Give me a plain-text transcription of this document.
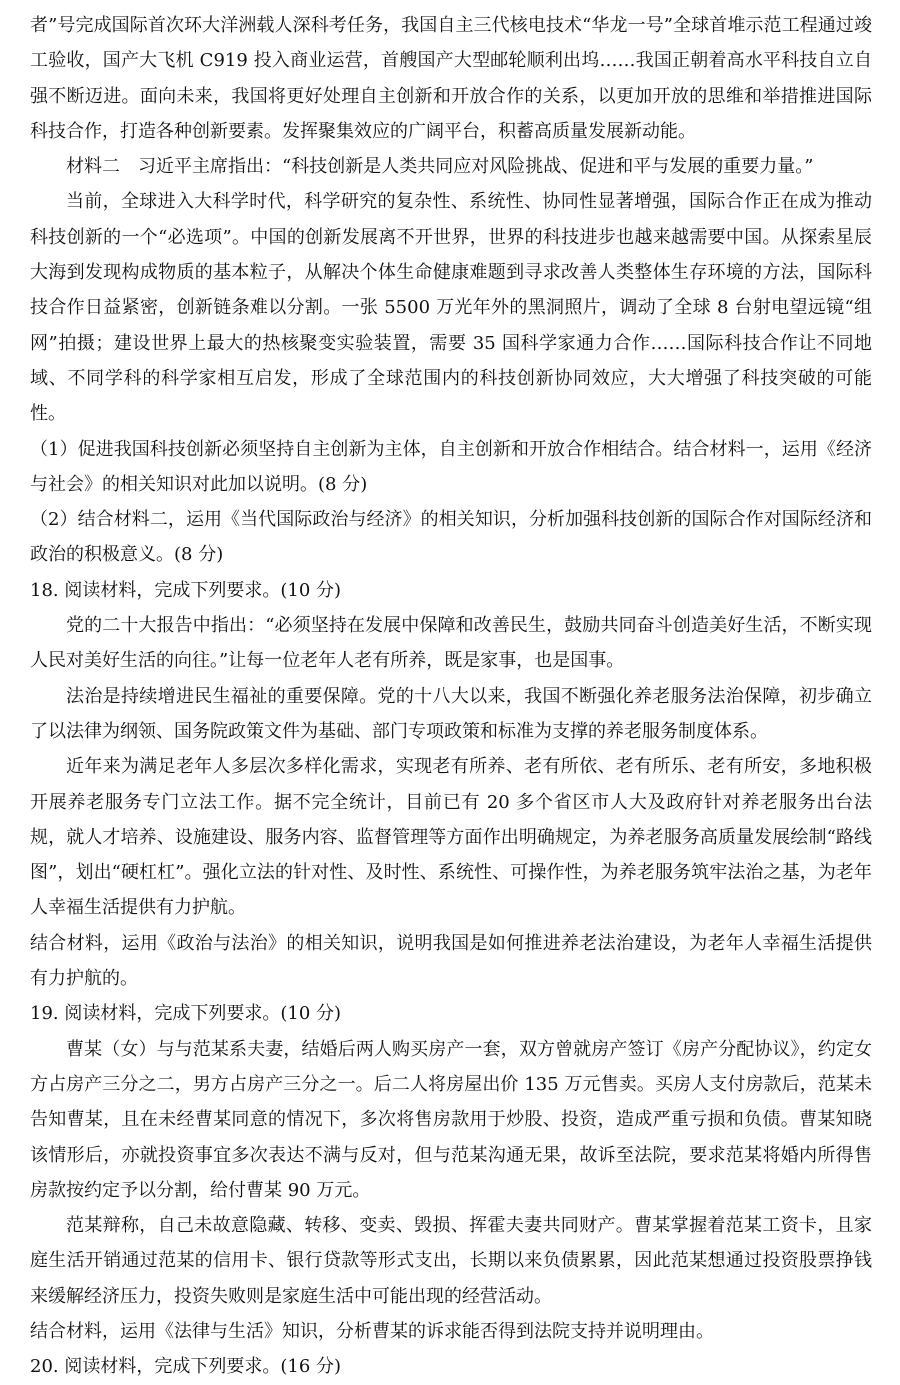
者”号完成国际首次环大洋洲载人深科考任务，我国自主三代核电技术“华龙一号”全球首堆示范工程通过竣工验收，国产大飞机 C919 投入商业运营，首艘国产大型邮轮顺利出坞……我国正朝着高水平科技自立自强不断迈进。面向未来，我国将更好处理自主创新和开放合作的关系，以更加开放的思维和举措推进国际科技合作，打造各种创新要素。发挥聚集效应的广阔平台，积蓄高质量发展新动能。

材料二　习近平主席指出：“科技创新是人类共同应对风险挑战、促进和平与发展的重要力量。”

当前，全球进入大科学时代，科学研究的复杂性、系统性、协同性显著增强，国际合作正在成为推动科技创新的一个“必选项”。中国的创新发展离不开世界，世界的科技进步也越来越需要中国。从探索星辰大海到发现构成物质的基本粒子，从解决个体生命健康难题到寻求改善人类整体生存环境的方法，国际科技合作日益紧密，创新链条难以分割。一张 5500 万光年外的黑洞照片，调动了全球 8 台射电望远镜“组网”拍摄；建设世界上最大的热核聚变实验装置，需要 35 国科学家通力合作……国际科技合作让不同地域、不同学科的科学家相互启发，形成了全球范围内的科技创新协同效应，大大增强了科技突破的可能性。

（1）促进我国科技创新必须坚持自主创新为主体，自主创新和开放合作相结合。结合材料一，运用《经济与社会》的相关知识对此加以说明。(8 分)

（2）结合材料二，运用《当代国际政治与经济》的相关知识，分析加强科技创新的国际合作对国际经济和政治的积极意义。(8 分)

18. 阅读材料，完成下列要求。(10 分)

党的二十大报告中指出：“必须坚持在发展中保障和改善民生，鼓励共同奋斗创造美好生活，不断实现人民对美好生活的向往。”让每一位老年人老有所养，既是家事，也是国事。

法治是持续增进民生福祉的重要保障。党的十八大以来，我国不断强化养老服务法治保障，初步确立了以法律为纲领、国务院政策文件为基础、部门专项政策和标准为支撑的养老服务制度体系。

近年来为满足老年人多层次多样化需求，实现老有所养、老有所依、老有所乐、老有所安，多地积极开展养老服务专门立法工作。据不完全统计，目前已有 20 多个省区市人大及政府针对养老服务出台法规，就人才培养、设施建设、服务内容、监督管理等方面作出明确规定，为养老服务高质量发展绘制“路线图”，划出“硬杠杠”。强化立法的针对性、及时性、系统性、可操作性，为养老服务筑牢法治之基，为老年人幸福生活提供有力护航。

结合材料，运用《政治与法治》的相关知识，说明我国是如何推进养老法治建设，为老年人幸福生活提供有力护航的。

19. 阅读材料，完成下列要求。(10 分)

曹某（女）与与范某系夫妻，结婚后两人购买房产一套，双方曾就房产签订《房产分配协议》，约定女方占房产三分之二，男方占房产三分之一。后二人将房屋出价 135 万元售卖。买房人支付房款后，范某未告知曹某，且在未经曹某同意的情况下，多次将售房款用于炒股、投资，造成严重亏损和负债。曹某知晓该情形后，亦就投资事宜多次表达不满与反对，但与范某沟通无果，故诉至法院，要求范某将婚内所得售房款按约定予以分割，给付曹某 90 万元。

范某辩称，自己未故意隐藏、转移、变卖、毁损、挥霍夫妻共同财产。曹某掌握着范某工资卡，且家庭生活开销通过范某的信用卡、银行贷款等形式支出，长期以来负债累累，因此范某想通过投资股票挣钱来缓解经济压力，投资失败则是家庭生活中可能出现的经营活动。

结合材料，运用《法律与生活》知识，分析曹某的诉求能否得到法院支持并说明理由。

20. 阅读材料，完成下列要求。(16 分)
